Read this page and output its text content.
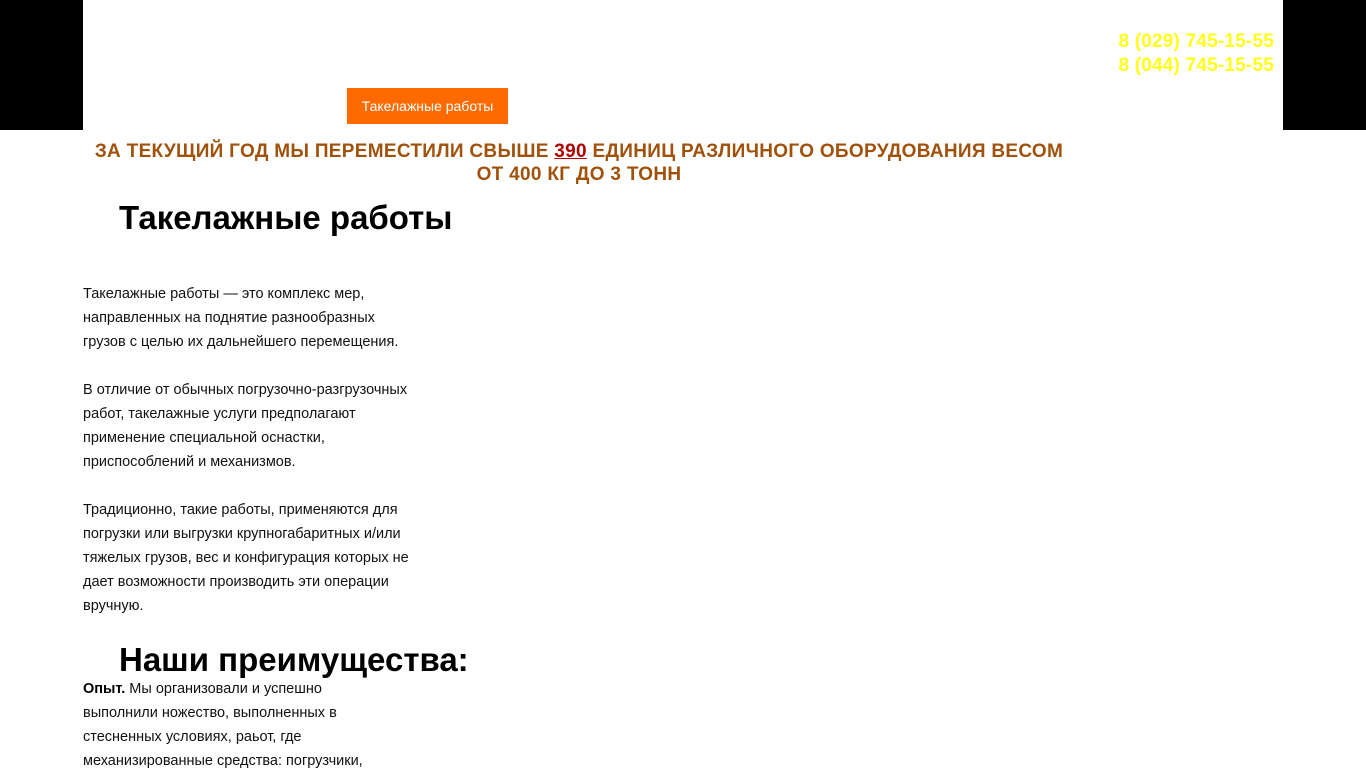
Такелажные работы
8 (029) 745-15-55
8 (044) 745-15-55
ЗА ТЕКУЩИЙ ГОД МЫ ПЕРЕМЕСТИЛИ СВЫШЕ 390 ЕДИНИЦ РАЗЛИЧНОГО ОБОРУДОВАНИЯ ВЕСОМ ОТ 400 КГ ДО 3 ТОНН
Такелажные работы

Такелажные работы — это комплекс мер, направленных на поднятие разнообразных грузов с целью их дальнейшего перемещения.

В отличие от обычных погрузочно-разгрузочных работ, такелажные услуги предполагают применение специальной оснастки, приспособлений и механизмов.

Традиционно, такие работы, применяются для погрузки или выгрузки крупногабаритных и/или тяжелых грузов, вес и конфигурация которых не дает возможности производить эти операции вручную.

Наши преимущества:

Опыт. Мы организовали и успешно выполнили ножество, выполненных в стесненных условиях, раьот, где механизированные средства: погрузчики,
